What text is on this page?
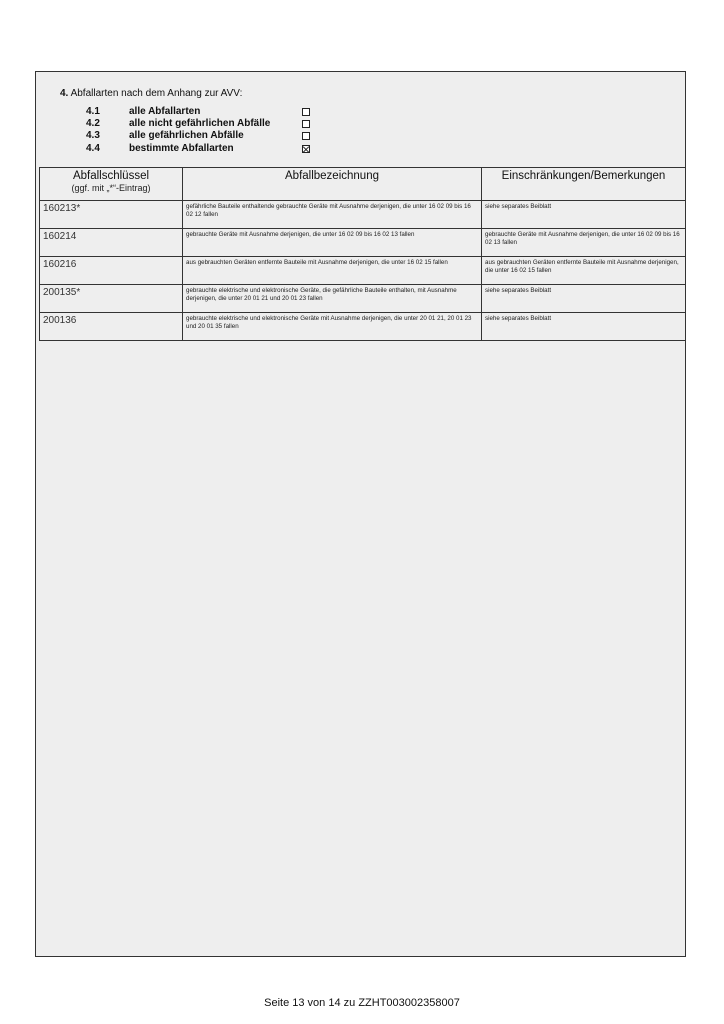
4. Abfallarten nach dem Anhang zur AVV:
4.1	alle Abfallarten
4.2	alle nicht gefährlichen Abfälle
4.3	alle gefährlichen Abfälle
4.4	bestimmte Abfallarten
Abfallschlüssel
(ggf. mit „*“-Eintrag)	Abfallbezeichnung	Einschränkungen/Bemerkungen

160213*	gefährliche Bauteile enthaltende gebrauchte Geräte mit Ausnahme derjenigen, die unter 16 02 09 bis 16 02 12 fallen	siehe separates Beiblatt
160214	gebrauchte Geräte mit Ausnahme derjenigen, die unter 16 02 09 bis 16 02 13 fallen	gebrauchte Geräte mit Ausnahme derjenigen, die unter 16 02 09 bis 16 02 13 fallen
160216	aus gebrauchten Geräten entfernte Bauteile mit Ausnahme derjenigen, die unter 16 02 15 fallen	aus gebrauchten Geräten entfernte Bauteile mit Ausnahme derjenigen, die unter 16 02 15 fallen
200135*	gebrauchte elektrische und elektronische Geräte, die gefährliche Bauteile enthalten, mit Ausnahme derjenigen, die unter 20 01 21 und 20 01 23 fallen	siehe separates Beiblatt
200136	gebrauchte elektrische und elektronische Geräte mit Ausnahme derjenigen, die unter 20 01 21, 20 01 23 und 20 01 35 fallen	siehe separates Beiblatt
Seite 13 von 14 zu ZZHT003002358007
